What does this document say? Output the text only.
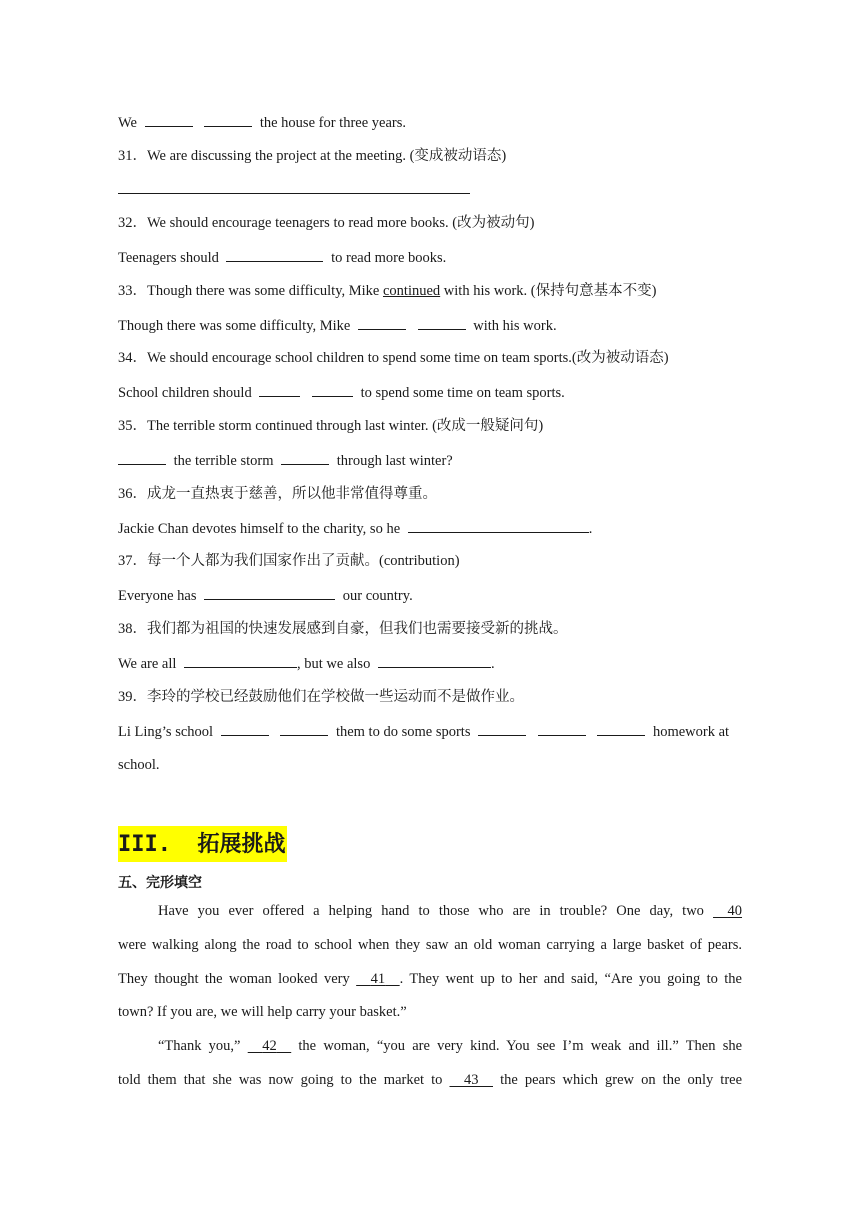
We	the house for three years.
31．We are discussing the project at the meeting. (变成被动语态)
32．We should encourage teenagers to read more books. (改为被动句)
Teenagers should	to read more books.
33．Though there was some difficulty, Mike continued with his work. (保持句意基本不变)
Though there was some difficulty, Mike	with his work.
34．We should encourage school children to spend some time on team sports.(改为被动语态)
School children should	to spend some time on team sports.
35．The terrible storm continued through last winter. (改成一般疑问句)
the terrible storm	through last winter?
36．成龙一直热衷于慈善，所以他非常值得尊重。
Jackie Chan devotes himself to the charity, so he	.
37．每一个人都为我们国家作出了贡献。(contribution)
Everyone has	our country.
38．我们都为祖国的快速发展感到自豪，但我们也需要接受新的挑战。
We are all	, but we also	.
39．李玲的学校已经鼓励他们在学校做一些运动而不是做作业。
Li Ling’s school	them to do some sports	homework at
school.
III.  拓展挑战
五、完形填空
Have you ever offered a helping hand to those who are in trouble? One day, two 40
were walking along the road to school when they saw an old woman carrying a large basket of pears.
They thought the woman looked very 41 . They went up to her and said, “Are you going to the
town? If you are, we will help carry your basket.”
“Thank you,” 42 the woman, “you are very kind. You see I’m weak and ill.” Then she
told them that she was now going to the market to 43 the pears which grew on the only tree
